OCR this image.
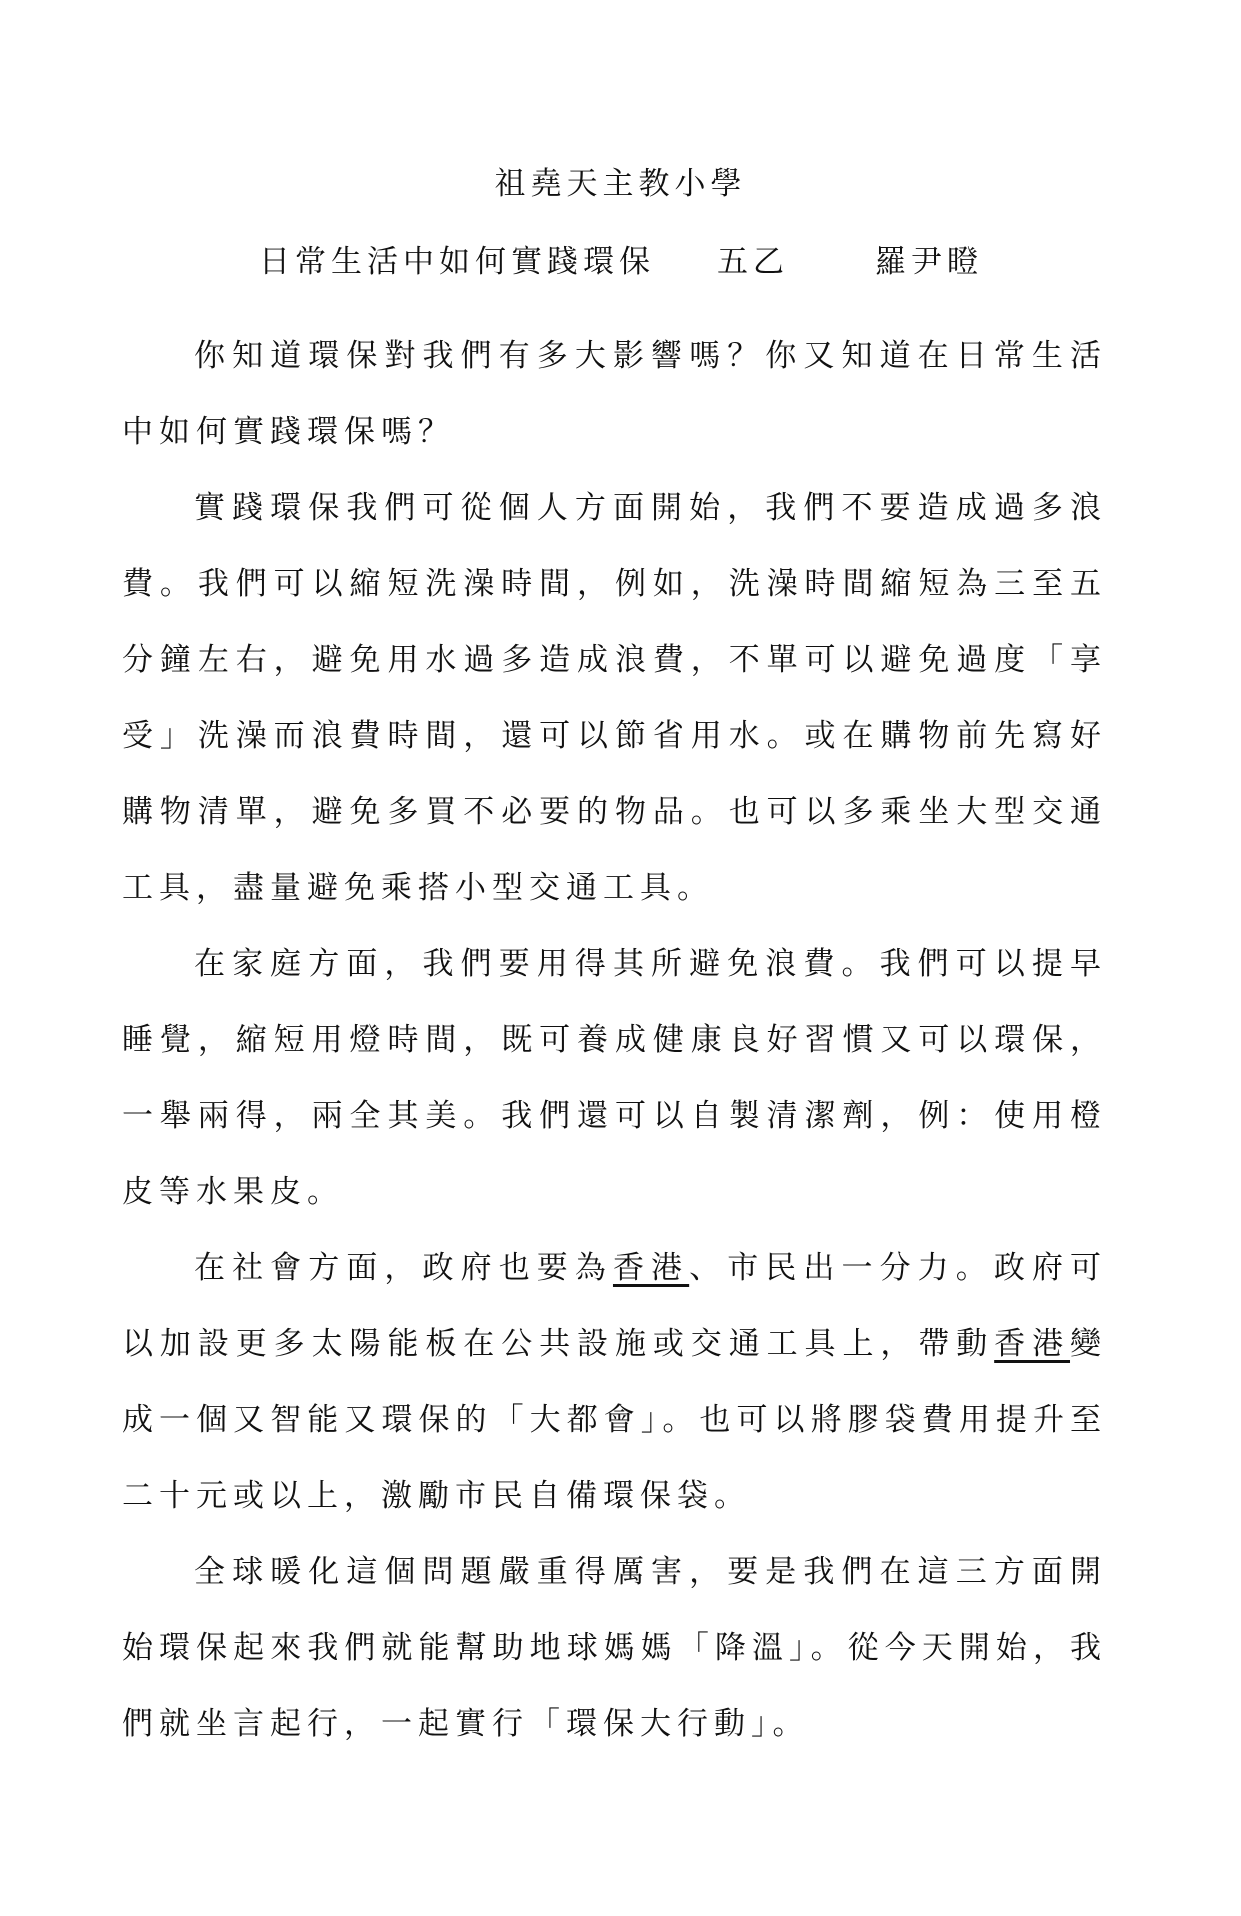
祖堯天主教小學
日常生活中如何實踐環保 五乙	羅尹瞪

你知道環保對我們有多大影響嗎？你又知道在日常生活中如何實踐環保嗎？

實踐環保我們可從個人方面開始，我們不要造成過多浪費。我們可以縮短洗澡時間，例如，洗澡時間縮短為三至五分鐘左右，避免用水過多造成浪費，不單可以避免過度「享受」洗澡而浪費時間，還可以節省用水。或在購物前先寫好購物清單，避免多買不必要的物品。也可以多乘坐大型交通工具，盡量避免乘搭小型交通工具。

在家庭方面，我們要用得其所避免浪費。我們可以提早睡覺，縮短用燈時間，既可養成健康良好習慣又可以環保，一舉兩得，兩全其美。我們還可以自製清潔劑，例：使用橙皮等水果皮。

在社會方面，政府也要為香港、市民出一分力。政府可以加設更多太陽能板在公共設施或交通工具上，帶動香港變成一個又智能又環保的「大都會」。也可以將膠袋費用提升至二十元或以上，激勵市民自備環保袋。

全球暖化這個問題嚴重得厲害，要是我們在這三方面開始環保起來我們就能幫助地球媽媽「降溫」。從今天開始，我們就坐言起行，一起實行「環保大行動」。
